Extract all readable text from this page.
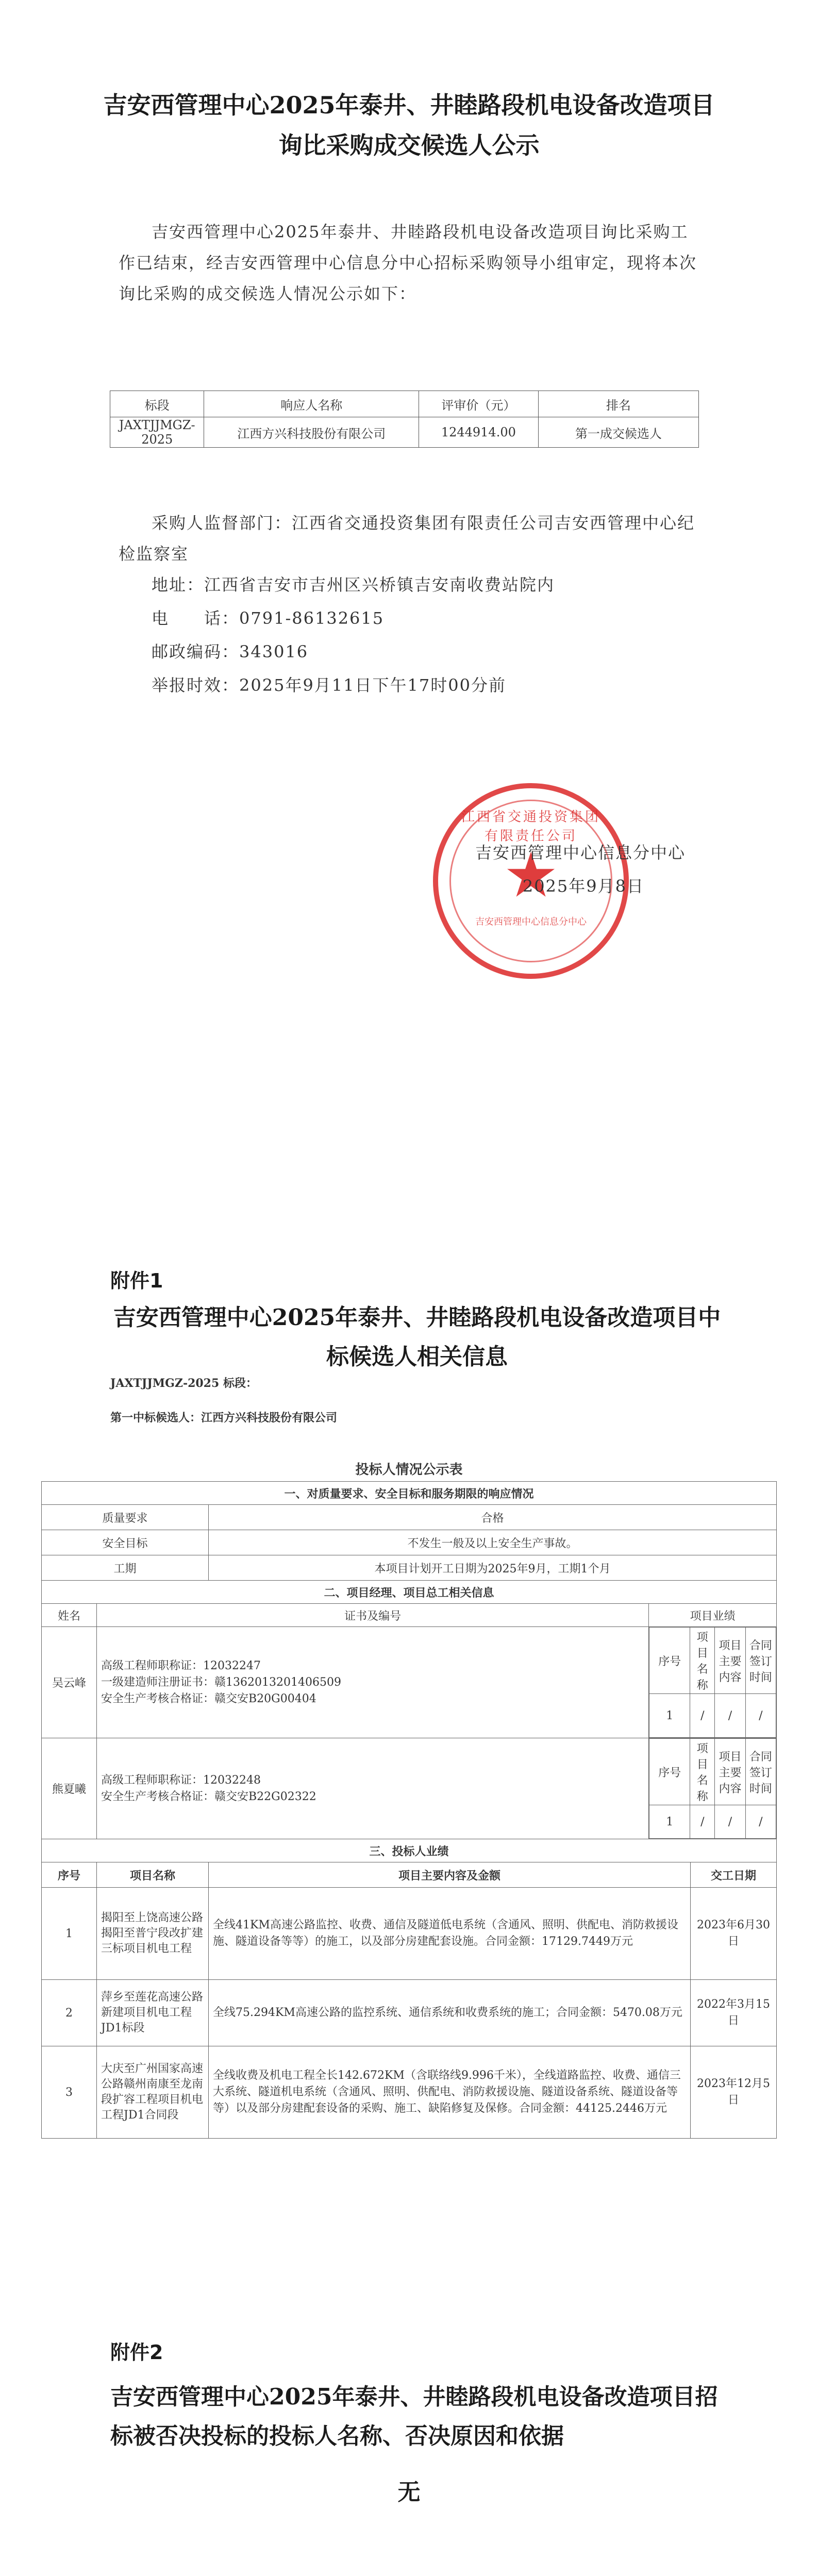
吉安西管理中心2025年泰井、井睦路段机电设备改造项目询比采购成交候选人公示
吉安西管理中心2025年泰井、井睦路段机电设备改造项目询比采购工作已结束，经吉安西管理中心信息分中心招标采购领导小组审定，现将本次询比采购的成交候选人情况公示如下：
标段	响应人名称	评审价（元）	排名
JAXTJJMGZ-2025	江西方兴科技股份有限公司	1244914.00	第一成交候选人
采购人监督部门：江西省交通投资集团有限责任公司吉安西管理中心纪检监察室
地址：江西省吉安市吉州区兴桥镇吉安南收费站院内
电　　话：0791-86132615
邮政编码：343016
举报时效：2025年9月11日下午17时00分前
江西省交通投资集团有限责任公司
★
吉安西管理中心信息分中心
吉安西管理中心信息分中心
2025年9月8日
附件1
吉安西管理中心2025年泰井、井睦路段机电设备改造项目中标候选人相关信息
JAXTJJMGZ-2025 标段：
第一中标候选人：江西方兴科技股份有限公司
投标人情况公示表
一、对质量要求、安全目标和服务期限的响应情况
质量要求	合格
安全目标	不发生一般及以上安全生产事故。
工期	本项目计划开工日期为2025年9月，工期1个月
二、项目经理、项目总工相关信息
姓名	证书及编号	项目业绩
吴云峰	
高级工程师职称证：12032247
一级建造师注册证书：赣1362013201406509
安全生产考核合格证：赣交安B20G00404

序号	项目名称	项目主要内容	合同签订时间
1	/	/	/

熊夏曦	
高级工程师职称证：12032248
安全生产考核合格证：赣交安B22G02322

序号	项目名称	项目主要内容	合同签订时间
1	/	/	/

三、投标人业绩
序号	项目名称	项目主要内容及金额	交工日期
1	揭阳至上饶高速公路揭阳至普宁段改扩建三标项目机电工程	全线41KM高速公路监控、收费、通信及隧道低电系统（含通风、照明、供配电、消防救援设施、隧道设备等等）的施工，以及部分房建配套设施。合同金额：17129.7449万元	2023年6月30日
2	萍乡至莲花高速公路新建项目机电工程JD1标段	全线75.294KM高速公路的监控系统、通信系统和收费系统的施工；合同金额：5470.08万元	2022年3月15日
3	大庆至广州国家高速公路赣州南康至龙南段扩容工程项目机电工程JD1合同段	全线收费及机电工程全长142.672KM（含联络线9.996千米），全线道路监控、收费、通信三大系统、隧道机电系统（含通风、照明、供配电、消防救援设施、隧道设备系统、隧道设备等等）以及部分房建配套设备的采购、施工、缺陷修复及保修。合同金额：44125.2446万元	2023年12月5日
附件2
吉安西管理中心2025年泰井、井睦路段机电设备改造项目招标被否决投标的投标人名称、否决原因和依据
无
